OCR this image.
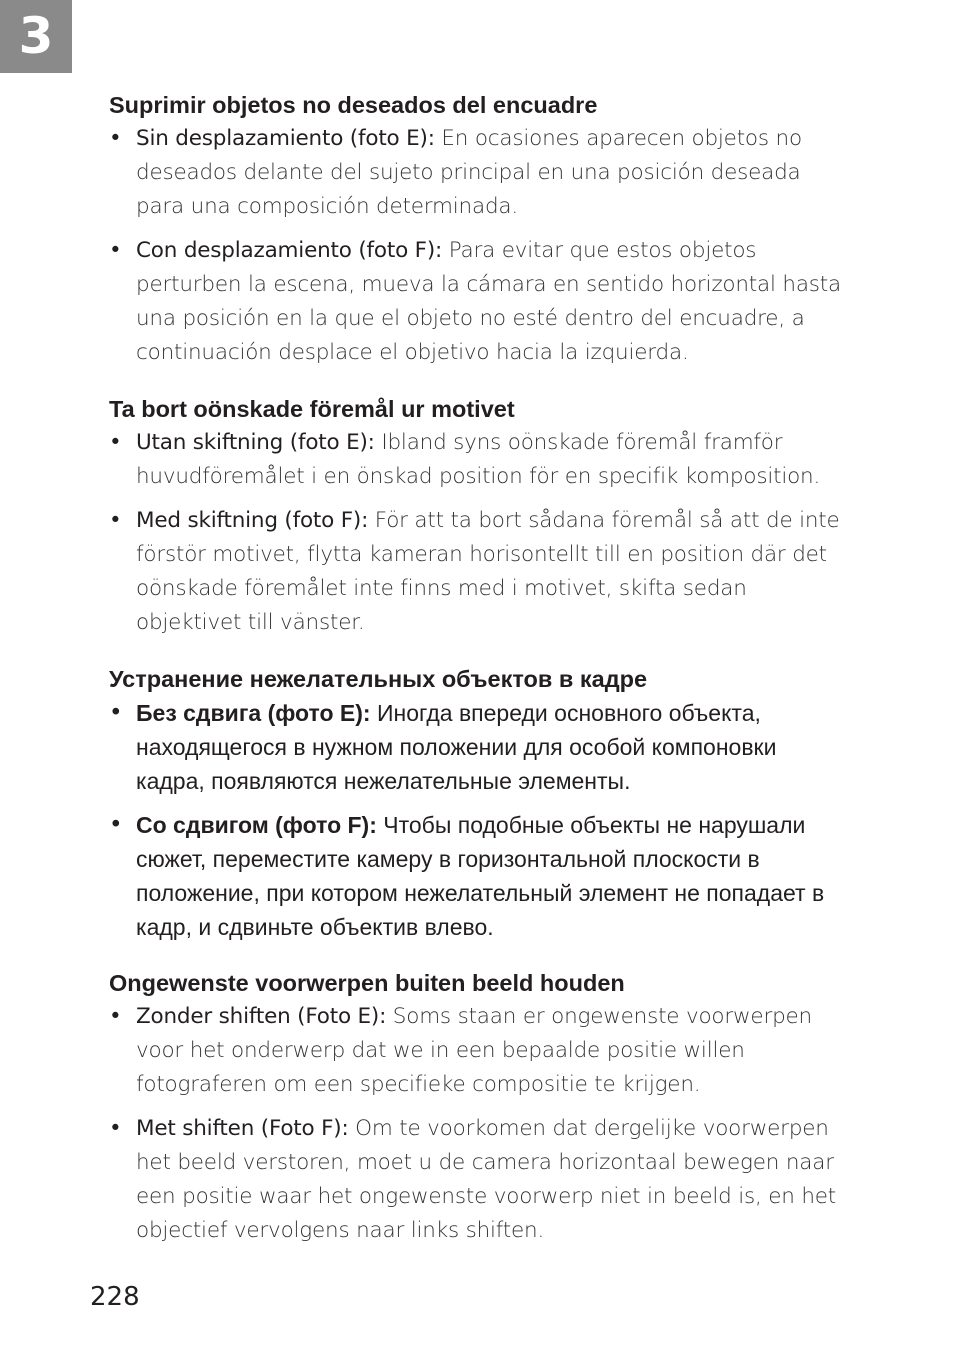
3
Suprimir objetos no deseados del encuadre
• Sin desplazamiento (foto E): En ocasiones aparecen objetos no deseados delante del sujeto principal en una posición deseada para una composición determinada.
• Con desplazamiento (foto F): Para evitar que estos objetos perturben la escena, mueva la cámara en sentido horizontal hasta una posición en la que el objeto no esté dentro del encuadre, a continuación desplace el objetivo hacia la izquierda.
Ta bort oönskade föremål ur motivet
• Utan skiftning (foto E): Ibland syns oönskade föremål framför huvudföremålet i en önskad position för en specifik komposition.
• Med skiftning (foto F): För att ta bort sådana föremål så att de inte förstör motivet, flytta kameran horisontellt till en position där det oönskade föremålet inte finns med i motivet, skifta sedan objektivet till vänster.
Устранение нежелательных объектов в кадре
• Без сдвига (фото E): Иногда впереди основного объекта, находящегося в нужном положении для особой компоновки кадра, появляются нежелательные элементы.
• Со сдвигом (фото F): Чтобы подобные объекты не нарушали сюжет, переместите камеру в горизонтальной плоскости в положение, при котором нежелательный элемент не попадает в кадр, и сдвиньте объектив влево.
Ongewenste voorwerpen buiten beeld houden
• Zonder shiften (Foto E): Soms staan er ongewenste voorwerpen voor het onderwerp dat we in een bepaalde positie willen fotograferen om een specifieke compositie te krijgen.
• Met shiften (Foto F): Om te voorkomen dat dergelijke voorwerpen het beeld verstoren, moet u de camera horizontaal bewegen naar een positie waar het ongewenste voorwerp niet in beeld is, en het objectief vervolgens naar links shiften.
228
